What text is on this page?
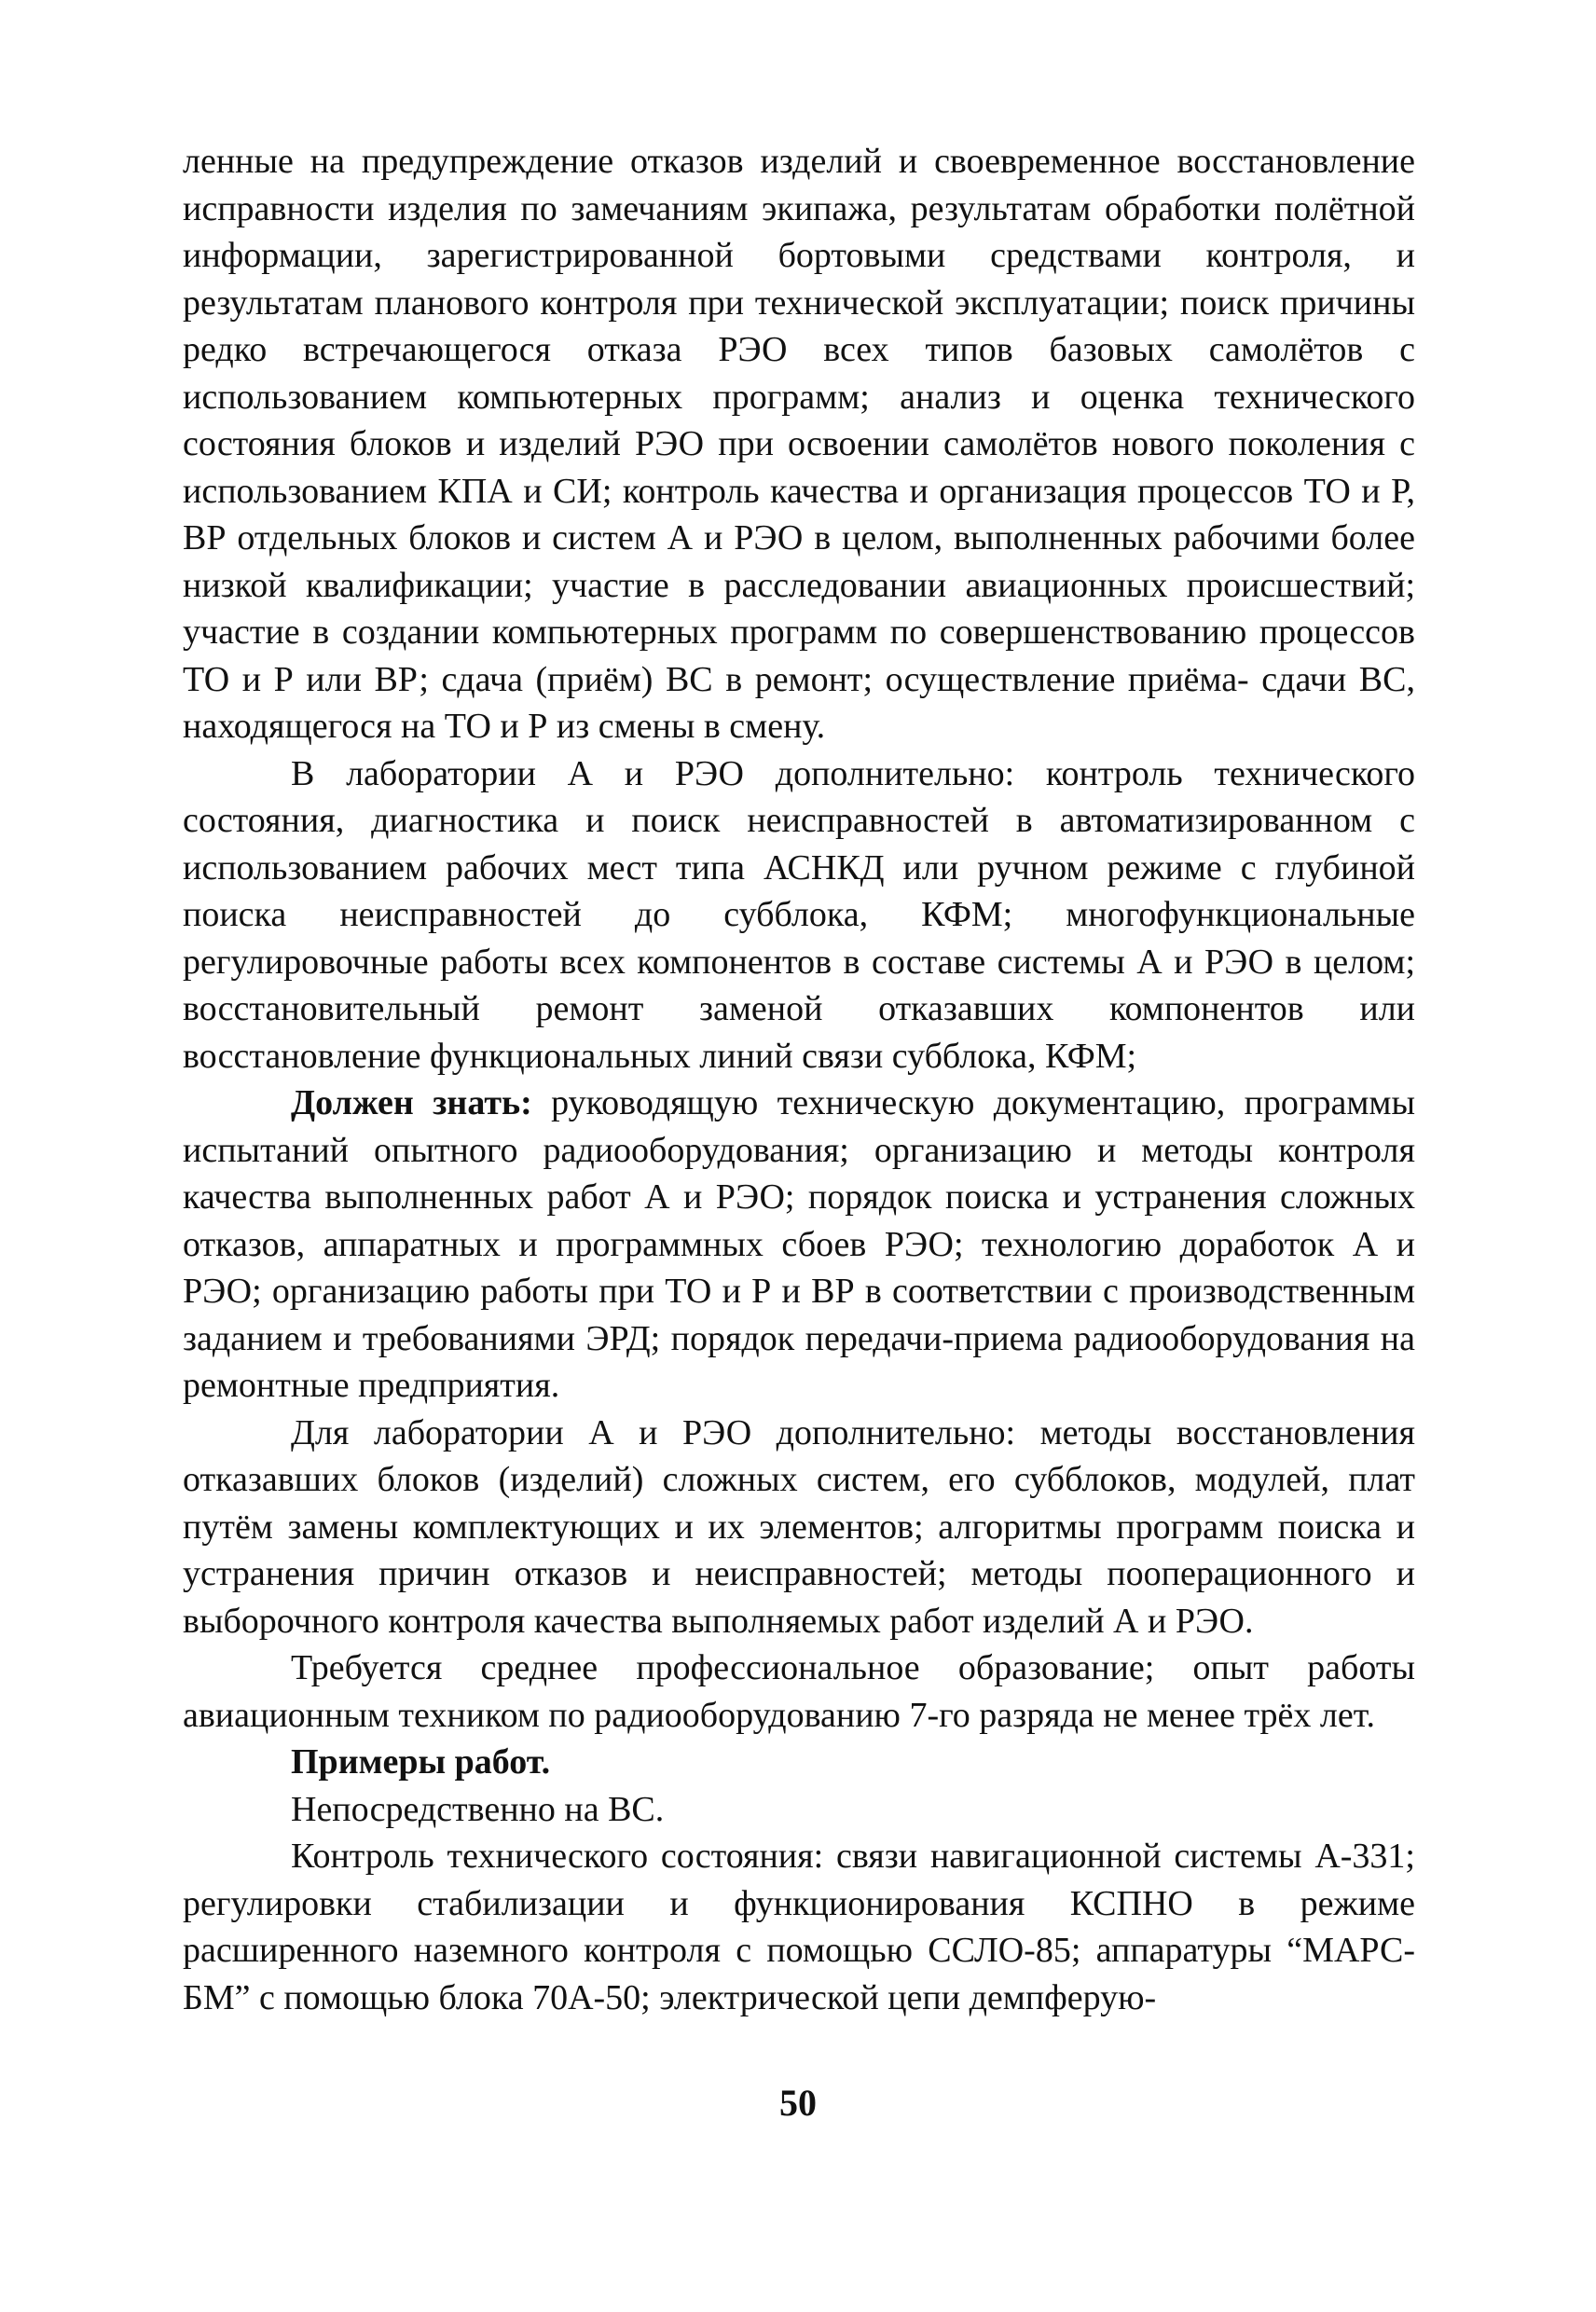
ленные на предупреждение отказов изделий и своевременное восстановление исправности изделия по замечаниям экипажа, результатам обработки полётной информации, зарегистрированной бортовыми средствами контроля, и результатам планового контроля при технической эксплуатации; поиск причины редко встречающегося отказа РЭО всех типов базовых самолётов с использованием компьютерных программ; анализ и оценка технического состояния блоков и изделий РЭО при освоении самолётов нового поколения с использованием КПА и СИ; контроль качества и организация процессов ТО и Р, ВР отдельных блоков и систем А и РЭО в целом, выполненных рабочими более низкой квалификации; участие в расследовании авиационных происшествий; участие в создании компьютерных программ по совершенствованию процессов ТО и Р или ВР; сдача (приём) ВС в ремонт; осуществление приёма- сдачи ВС, находящегося на ТО и Р из смены в смену.

В лаборатории А и РЭО дополнительно: контроль технического состояния, диагностика и поиск неисправностей в автоматизированном с использованием рабочих мест типа АСНКД или ручном режиме с глубиной поиска неисправностей до субблока, КФМ; многофункциональные регулировочные работы всех компонентов в составе системы А и РЭО в целом; восстановительный ремонт заменой отказавших компонентов или восстановление функциональных линий связи субблока, КФМ;

Должен знать: руководящую техническую документацию, программы испытаний опытного радиооборудования; организацию и методы контроля качества выполненных работ А и РЭО; порядок поиска и устранения сложных отказов, аппаратных и программных сбоев РЭО; технологию доработок А и РЭО; организацию работы при ТО и Р и ВР в соответствии с производственным заданием и требованиями ЭРД; порядок передачи-приема радиооборудования на ремонтные предприятия.

Для лаборатории А и РЭО дополнительно: методы восстановления отказавших блоков (изделий) сложных систем, его субблоков, модулей, плат путём замены комплектующих и их элементов; алгоритмы программ поиска и устранения причин отказов и неисправностей; методы пооперационного и выборочного контроля качества выполняемых работ изделий А и РЭО.

Требуется среднее профессиональное образование; опыт работы авиационным техником по радиооборудованию 7-го разряда не менее трёх лет.

Примеры работ.

Непосредственно на ВС.

Контроль технического состояния: связи навигационной системы А-331; регулировки стабилизации и функционирования КСПНО в режиме расширенного наземного контроля с помощью ССЛО-85; аппаратуры “МАРС-БМ” с помощью блока 70А-50; электрической цепи демпферую-

50
